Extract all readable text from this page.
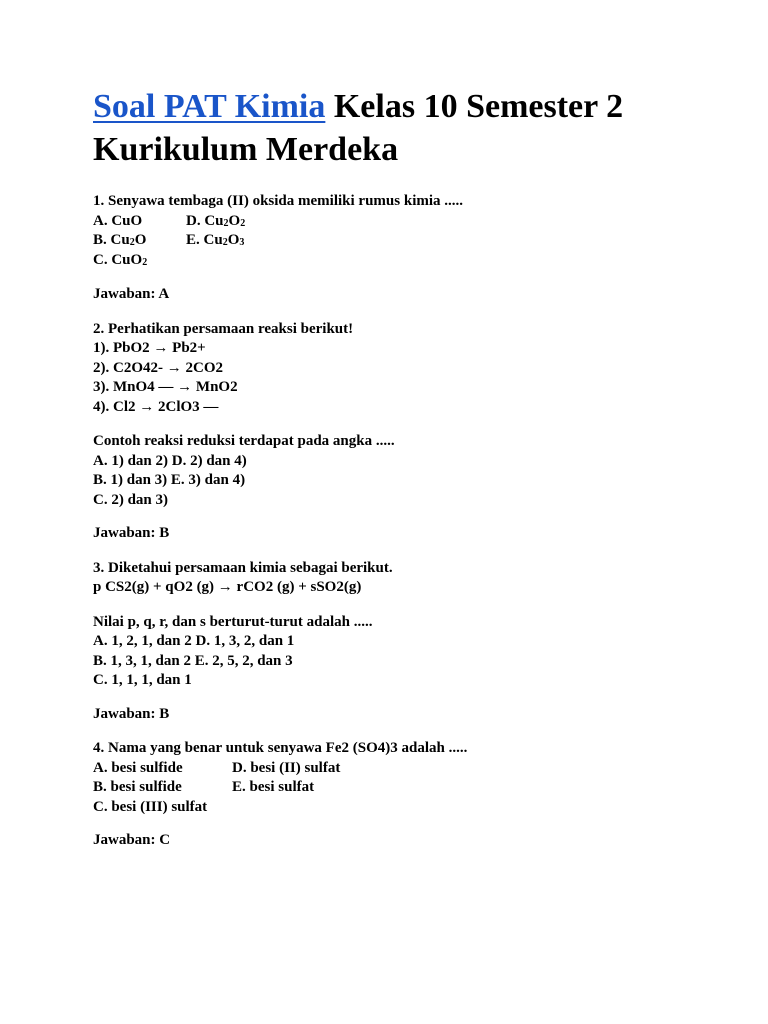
Soal PAT Kimia Kelas 10 Semester 2
Kurikulum Merdeka
1. Senyawa tembaga (II) oksida memiliki rumus kimia .....
A. CuO	D. $Cu_2O_2$
B. $Cu_2O$	E. $Cu_2O_3$
C. CuO$_2$
Jawaban: A
2. Perhatikan persamaan reaksi berikut!
1). PbO2 → Pb2+
2). C2O42- → 2CO2
3). MnO4 — → MnO2
4). Cl2 → 2ClO3 —
Contoh reaksi reduksi terdapat pada angka .....
A. 1) dan 2) D. 2) dan 4)
B. 1) dan 3) E. 3) dan 4)
C. 2) dan 3)
Jawaban: B
3. Diketahui persamaan kimia sebagai berikut.
p CS2(g) + qO2 (g) → rCO2 (g) + sSO2(g)
Nilai p, q, r, dan s berturut-turut adalah .....
A. 1, 2, 1, dan 2 D. 1, 3, 2, dan 1
B. 1, 3, 1, dan 2 E. 2, 5, 2, dan 3
C. 1, 1, 1, dan 1
Jawaban: B
4. Nama yang benar untuk senyawa Fe2 (SO4)3 adalah .....
A. besi sulfide	D. besi (II) sulfat
B. besi sulfide	E. besi sulfat
C. besi (III) sulfat
Jawaban: C
